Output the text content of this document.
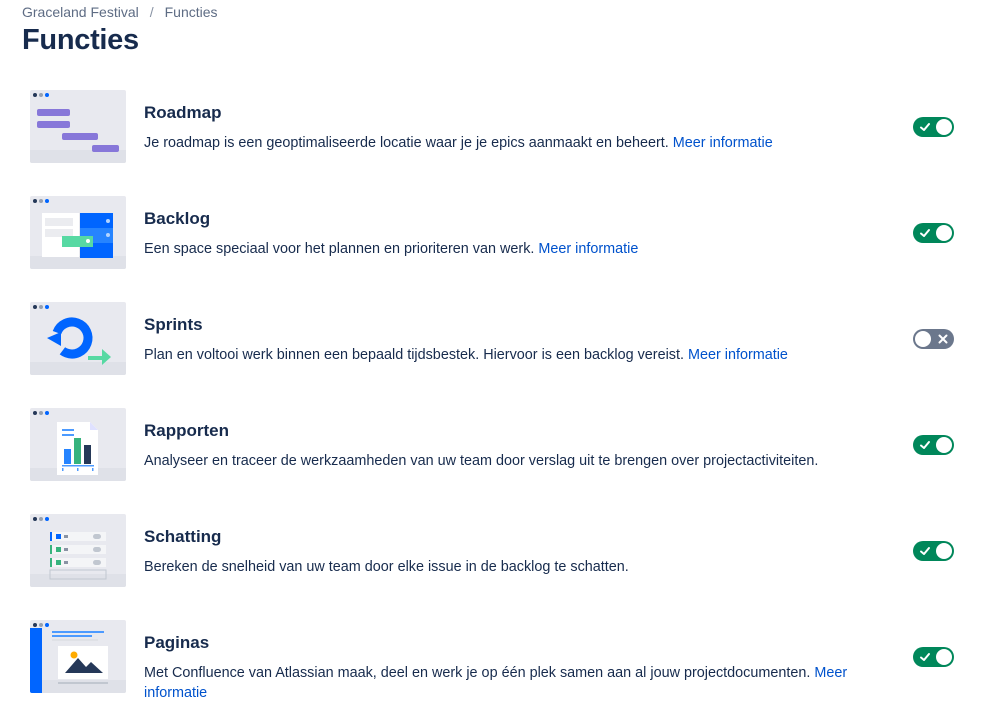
Graceland Festival / Functies
Functies
Roadmap
Je roadmap is een geoptimaliseerde locatie waar je je epics aanmaakt en beheert. Meer informatie
Backlog
Een space speciaal voor het plannen en prioriteren van werk. Meer informatie
Sprints
Plan en voltooi werk binnen een bepaald tijdsbestek. Hiervoor is een backlog vereist. Meer informatie
Rapporten
Analyseer en traceer de werkzaamheden van uw team door verslag uit te brengen over projectactiviteiten.
Schatting
Bereken de snelheid van uw team door elke issue in de backlog te schatten.
Paginas
Met Confluence van Atlassian maak, deel en werk je op één plek samen aan al jouw projectdocumenten. Meer informatie
